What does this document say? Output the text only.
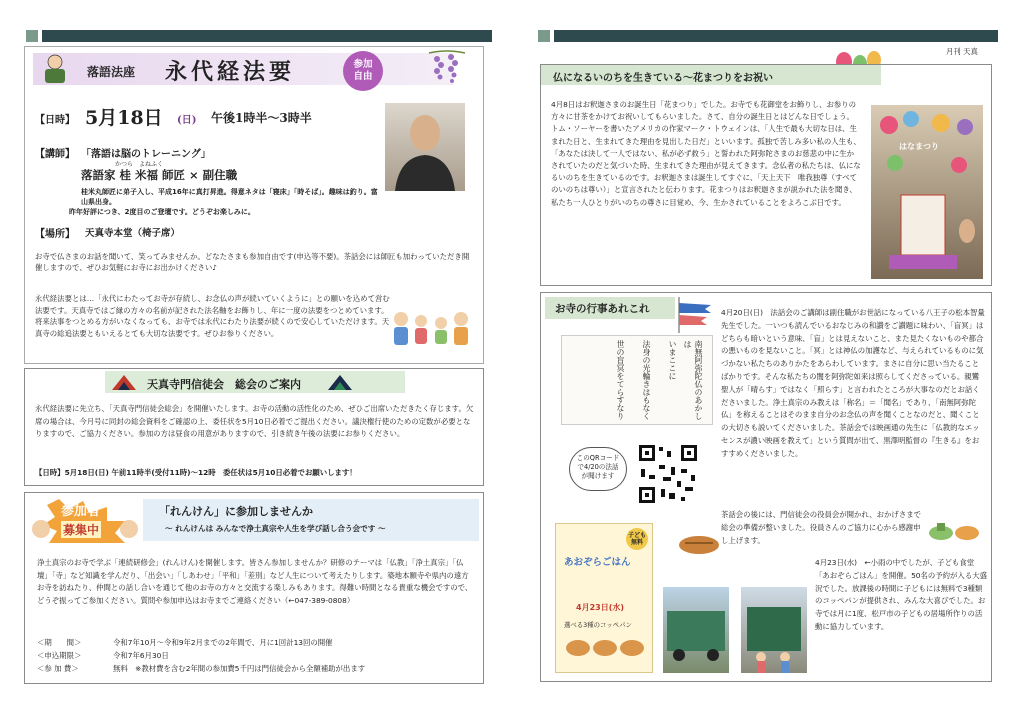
落語法座 永代経法要	参加自由
【日時】 5月18日 (日) 午後1時半～3時半
【講師】 「落語は脳のトレーニング」
かつら　よねふく
落語家 桂 米福 師匠 × 副住職
桂米丸師匠に弟子入し、平成16年に真打昇進。得意ネタは「寝床」「時そば」。趣味は釣り。富山県出身。
昨年好評につき、2度目のご登壇です。どうぞお楽しみに。
【場所】 天真寺本堂（椅子席）
お寺で仏さまのお話を聞いて、笑ってみませんか。どなたさまも参加自由です(申込等不要)。茶話会には師匠も加わっていただき開催しますので、ぜひお気軽にお寺にお出かけください♪
永代経法要とは…「永代にわたってお寺が存続し、お念仏の声が続いていくように」との願いを込めて営む法要です。天真寺ではご縁の方々の名前が記された法名軸をお飾りし、年に一度の法要をつとめています。将来法事をつとめる方がいなくなっても、お寺では永代にわたり法要が続くので安心していただけます。天真寺の総追法要ともいえるとても大切な法要です。ぜひお参りください。
天真寺門信徒会　総会のご案内
永代経法要に先立ち、「天真寺門信徒会総会」を開催いたします。お寺の活動の活性化のため、ぜひご出席いただきたく存じます。欠席の場合は、今月号に同封の総会資料をご確認の上、委任状を5月10日必着でご提出ください。議決権行使のための定数が必要となりますので、ご協力ください。参加の方は昼食の用意がありますので、引き続き午後の法要にお参りください。
【日時】5月18日(日) 午前11時半(受付11時)～12時　委任状は5月10日必着でお願いします！
参加者
募集中
「れんけん」に参加しませんか
～ れんけんは みんなで浄土真宗や人生を学び話し合う会です ～
浄土真宗のお寺で学ぶ「連続研修会」(れんけん)を開催します。皆さん参加しませんか？研修のテーマは「仏教」「浄土真宗」「仏壇」「寺」など知識を学んだり、「出会い」「しあわせ」「平和」「差別」など人生について考えたりします。築地本願寺や県内の遠方お寺を訪ねたり、仲間との話し合いを通じて他のお寺の方々と交流する楽しみもあります。得難い時間となる貴重な機会ですので、どうぞ振ってご参加ください。質問や参加申込はお寺までご連絡ください（←047-389-0808）
＜期　　間＞	令和7年10月～令和9年2月までの2年間で、月に1回計13回の開催
＜申込期限＞	令和7年6月30日
＜参 加 費＞	無料　※教材費を含む2年間の参加費5千円は門信徒会から全額補助が出ます
月刊 天真
仏になるいのちを生きている～花まつりをお祝い
4月8日はお釈迦さまのお誕生日「花まつり」でした。お寺でも花御堂をお飾りし、お参りの方々に甘茶をかけてお祝いしてもらいました。さて、自分の誕生日とはどんな日でしょう。トム・ソーヤーを書いたアメリカの作家マーク・トウェインは、「人生で最も大切な日は、生まれた日と、生まれてきた理由を見出した日だ」といいます。孤独で苦しみ多い私の人生も、「あなたは決して一人ではない、私が必ず救う」と誓われた阿弥陀さまのお慈悲の中に生かされていたのだと気づいた時、生まれてきた理由が見えてきます。念仏者の私たちは、仏になるいのちを生きているのです。お釈迦さまは誕生してすぐに、「天上天下　唯我独尊（すべてのいのちは尊い）」と宣言されたと伝わります。花まつりはお釈迦さまが説かれた法を聞き、私たち一人ひとりがいのちの尊さに目覚め、今、生かされていることをよろこぶ日です。
はなまつり
お寺の行事あれこれ
南無阿弥陀仏のあかしは
いまここに
法身の光輪きはもなく
世の盲冥をてらすなり
このQRコードで4/20の法話が聞けます
4月20日(日)　法話会のご講師は副住職がお世話になっている八王子の松本智量先生でした。一いつも読んでいるおなじみの和讃をご讃題に味わい、「盲冥」はどちらも暗いという意味、「盲」とは見えないこと、また見たくないものや都合の悪いものを見ないこと。「冥」とは神仏の加護など、与えられているものに気づかない私たちのありかたをあらわしています。まさに自分に思い当たることばかりです。そんな私たちの闇を阿弥陀如来は照らしてくださっている。親鸞聖人が「晴らす」ではなく「照らす」と言われたところが大事なのだとお話くださいました。浄土真宗のみ教えは「称名」＝「聞名」であり、「南無阿弥陀仏」を称えることはそのまま自分のお念仏の声を聞くことなのだと、聞くことの大切さも説いてくださいました。茶話会では映画通の先生に「仏教的なエッセンスが濃い映画を教えて」という質問が出て、黒澤明監督の『生きる』をおすすめくださいました。
茶話会の後には、門信徒会の役員会が開かれ、おかげさまで総会の準備が整いました。役員さんのご協力に心から感謝申し上げます。
子ども無料
あおぞらごはん
4月23日(水)
選べる3種のコッペパン
4月23日(水)　←小雨の中でしたが、子ども食堂「あおぞらごはん」を開催。50名の予約が入る大盛況でした。放課後の時間に子どもには無料で3種類のコッペパンが提供され、みんな大喜びでした。お寺では月に1度、松戸市の子どもの居場所作りの活動に協力しています。
